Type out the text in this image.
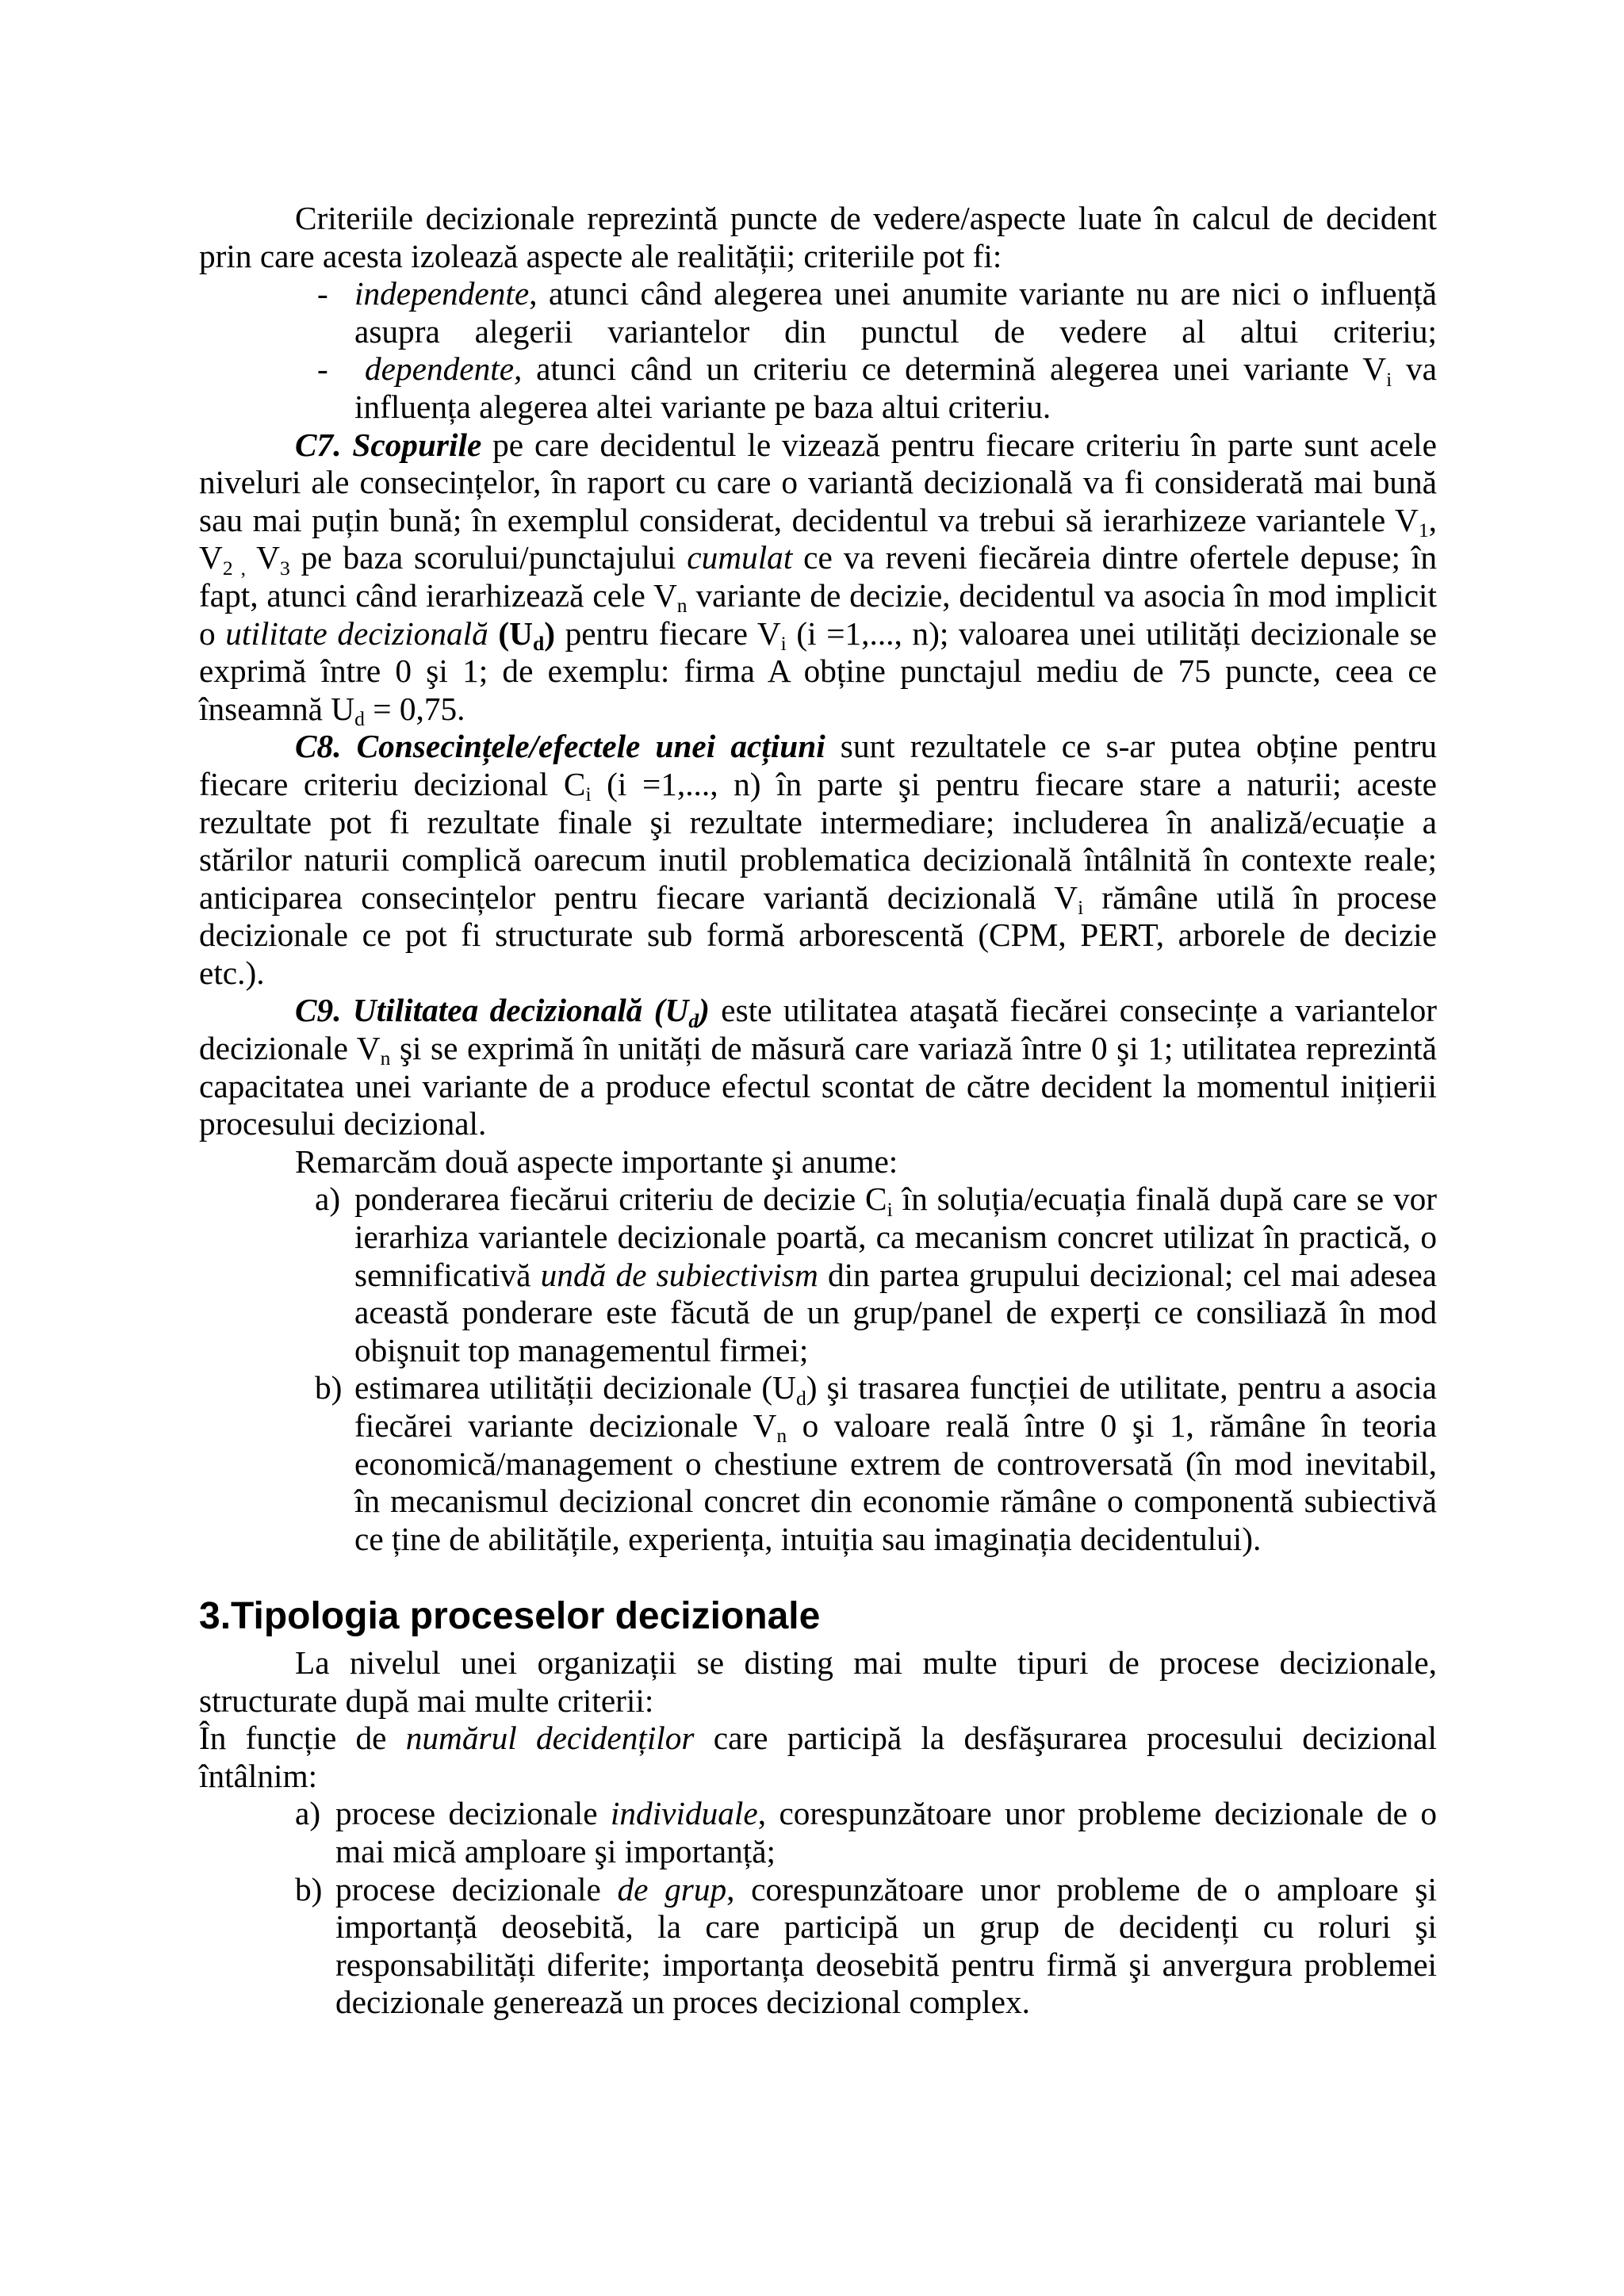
Criteriile decizionale reprezintă puncte de vedere/aspecte luate în calcul de decident
prin care acesta izolează aspecte ale realității; criteriile pot fi:
- independente, atunci când alegerea unei anumite variante nu are nici o influență
asupra alegerii variantelor din punctul de vedere al altui criteriu;
- dependente, atunci când un criteriu ce determină alegerea unei variante Vi va
influența alegerea altei variante pe baza altui criteriu.
C7. Scopurile pe care decidentul le vizează pentru fiecare criteriu în parte sunt acele
niveluri ale consecințelor, în raport cu care o variantă decizională va fi considerată mai bună
sau mai puțin bună; în exemplul considerat, decidentul va trebui să ierarhizeze variantele V1,
V2 , V3 pe baza scorului/punctajului cumulat ce va reveni fiecăreia dintre ofertele depuse; în
fapt, atunci când ierarhizează cele Vn variante de decizie, decidentul va asocia în mod implicit
o utilitate decizională (Ud) pentru fiecare Vi (i =1,..., n); valoarea unei utilități decizionale se
exprimă între 0 şi 1; de exemplu: firma A obține punctajul mediu de 75 puncte, ceea ce
înseamnă Ud = 0,75.
C8. Consecințele/efectele unei acțiuni sunt rezultatele ce s-ar putea obține pentru
fiecare criteriu decizional Ci (i =1,..., n) în parte şi pentru fiecare stare a naturii; aceste
rezultate pot fi rezultate finale şi rezultate intermediare; includerea în analiză/ecuație a
stărilor naturii complică oarecum inutil problematica decizională întâlnită în contexte reale;
anticiparea consecințelor pentru fiecare variantă decizională Vi rămâne utilă în procese
decizionale ce pot fi structurate sub formă arborescentă (CPM, PERT, arborele de decizie
etc.).
C9. Utilitatea decizională (Ud) este utilitatea ataşată fiecărei consecințe a variantelor
decizionale Vn şi se exprimă în unități de măsură care variază între 0 şi 1; utilitatea reprezintă
capacitatea unei variante de a produce efectul scontat de către decident la momentul inițierii
procesului decizional.
Remarcăm două aspecte importante şi anume:
a) ponderarea fiecărui criteriu de decizie Ci în soluția/ecuația finală după care se vor
ierarhiza variantele decizionale poartă, ca mecanism concret utilizat în practică, o
semnificativă undă de subiectivism din partea grupului decizional; cel mai adesea
această ponderare este făcută de un grup/panel de experți ce consiliază în mod
obişnuit top managementul firmei;
b) estimarea utilității decizionale (Ud) şi trasarea funcției de utilitate, pentru a asocia
fiecărei variante decizionale Vn o valoare reală între 0 şi 1, rămâne în teoria
economică/management o chestiune extrem de controversată (în mod inevitabil,
în mecanismul decizional concret din economie rămâne o componentă subiectivă
ce ține de abilitățile, experiența, intuiția sau imaginația decidentului).
3.Tipologia proceselor decizionale
La nivelul unei organizații se disting mai multe tipuri de procese decizionale,
structurate după mai multe criterii:
În funcție de numărul decidenților care participă la desfăşurarea procesului decizional
întâlnim:
a) procese decizionale individuale, corespunzătoare unor probleme decizionale de o
mai mică amploare şi importanță;
b) procese decizionale de grup, corespunzătoare unor probleme de o amploare şi
importanță deosebită, la care participă un grup de decidenți cu roluri şi
responsabilități diferite; importanța deosebită pentru firmă şi anvergura problemei
decizionale generează un proces decizional complex.
